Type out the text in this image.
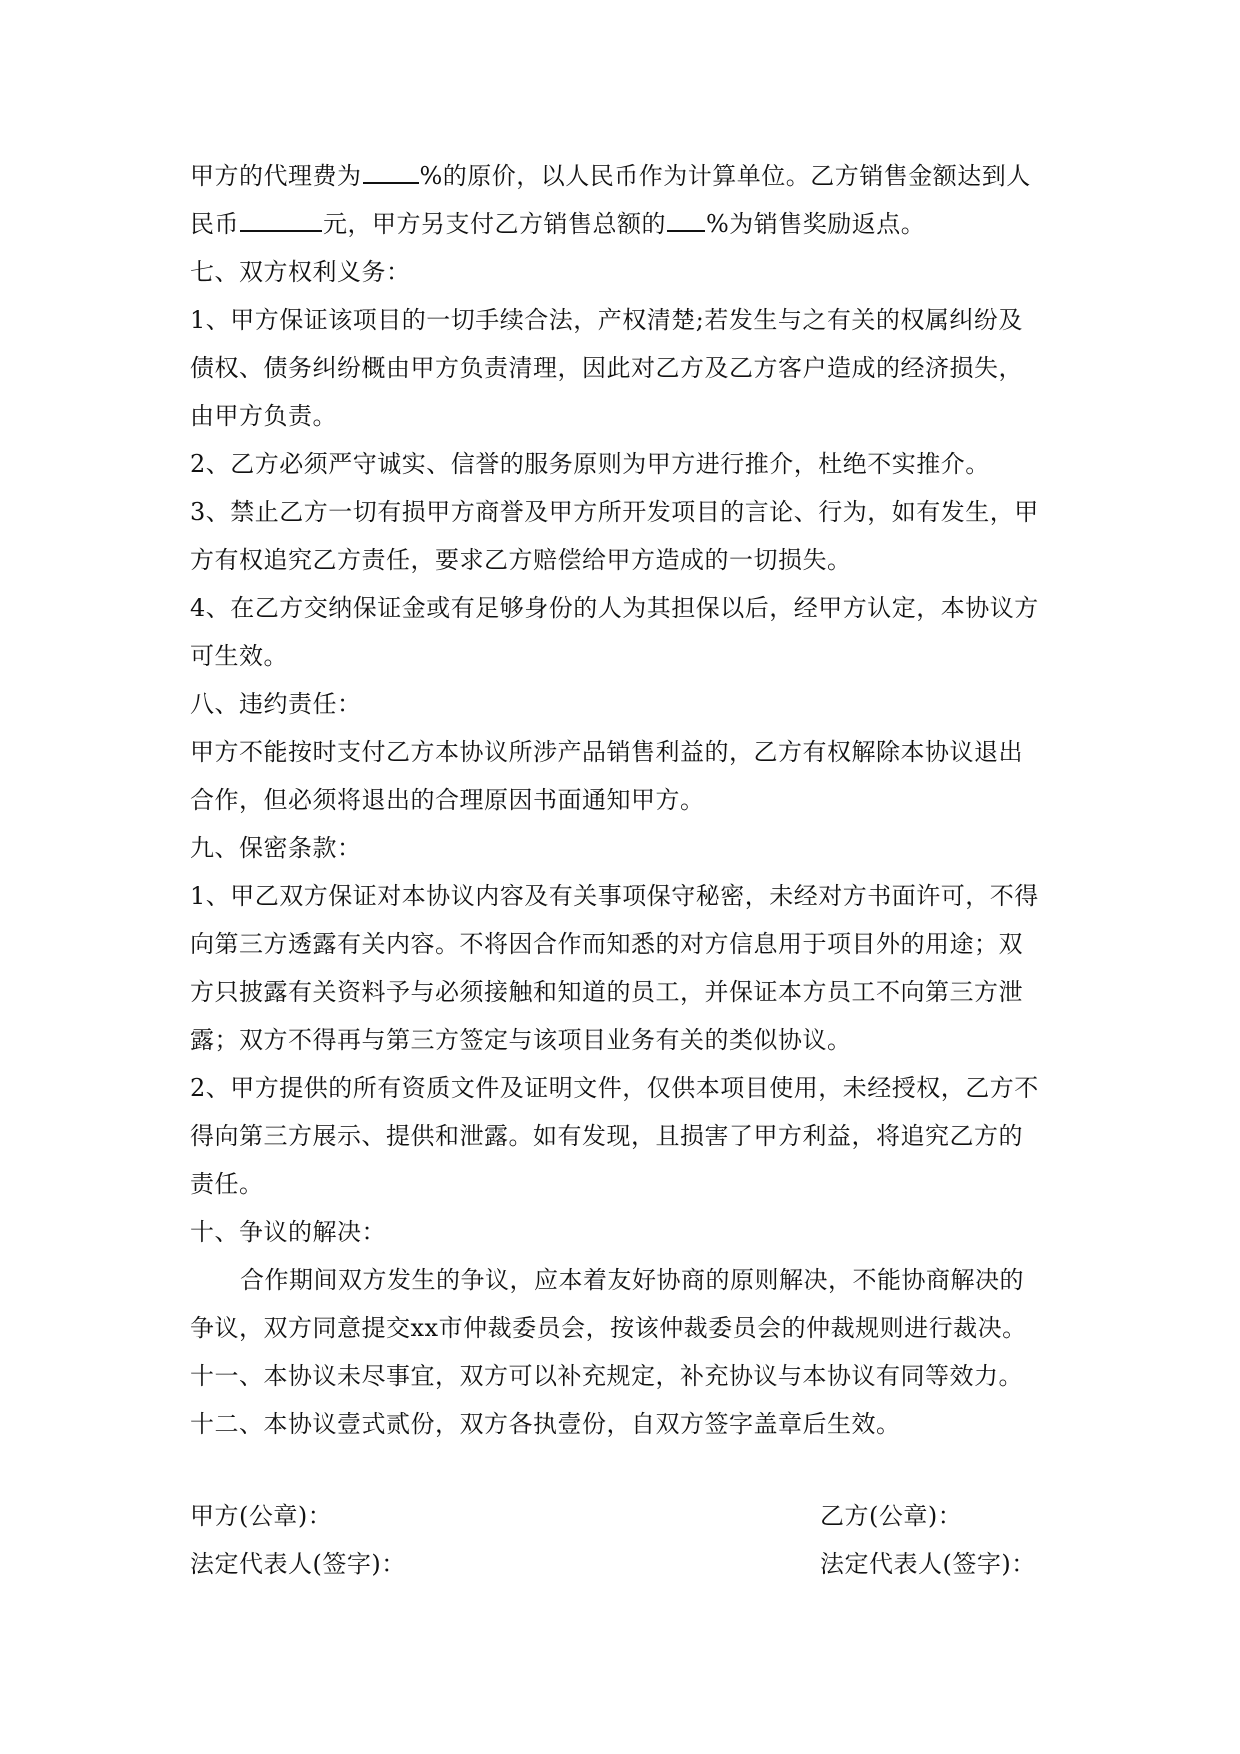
甲方的代理费为 %的原价，以人民币作为计算单位。乙方销售金额达到人
民币	元，甲方另支付乙方销售总额的 %为销售奖励返点。
七、双方权利义务：
1、甲方保证该项目的一切手续合法，产权清楚;若发生与之有关的权属纠纷及
债权、债务纠纷概由甲方负责清理，因此对乙方及乙方客户造成的经济损失，
由甲方负责。
2、乙方必须严守诚实、信誉的服务原则为甲方进行推介，杜绝不实推介。
3、禁止乙方一切有损甲方商誉及甲方所开发项目的言论、行为，如有发生，甲
方有权追究乙方责任，要求乙方赔偿给甲方造成的一切损失。
4、在乙方交纳保证金或有足够身份的人为其担保以后，经甲方认定，本协议方
可生效。
八、违约责任：
甲方不能按时支付乙方本协议所涉产品销售利益的，乙方有权解除本协议退出
合作，但必须将退出的合理原因书面通知甲方。
九、保密条款：
1、甲乙双方保证对本协议内容及有关事项保守秘密，未经对方书面许可，不得
向第三方透露有关内容。不将因合作而知悉的对方信息用于项目外的用途；双
方只披露有关资料予与必须接触和知道的员工，并保证本方员工不向第三方泄
露；双方不得再与第三方签定与该项目业务有关的类似协议。
2、甲方提供的所有资质文件及证明文件，仅供本项目使用，未经授权，乙方不
得向第三方展示、提供和泄露。如有发现，且损害了甲方利益，将追究乙方的
责任。
十、争议的解决：
合作期间双方发生的争议，应本着友好协商的原则解决，不能协商解决的
争议，双方同意提交xx市仲裁委员会，按该仲裁委员会的仲裁规则进行裁决。
十一、本协议未尽事宜，双方可以补充规定，补充协议与本协议有同等效力。
十二、本协议壹式贰份，双方各执壹份，自双方签字盖章后生效。
甲方(公章)：	乙方(公章)：
法定代表人(签字)：	法定代表人(签字)：
